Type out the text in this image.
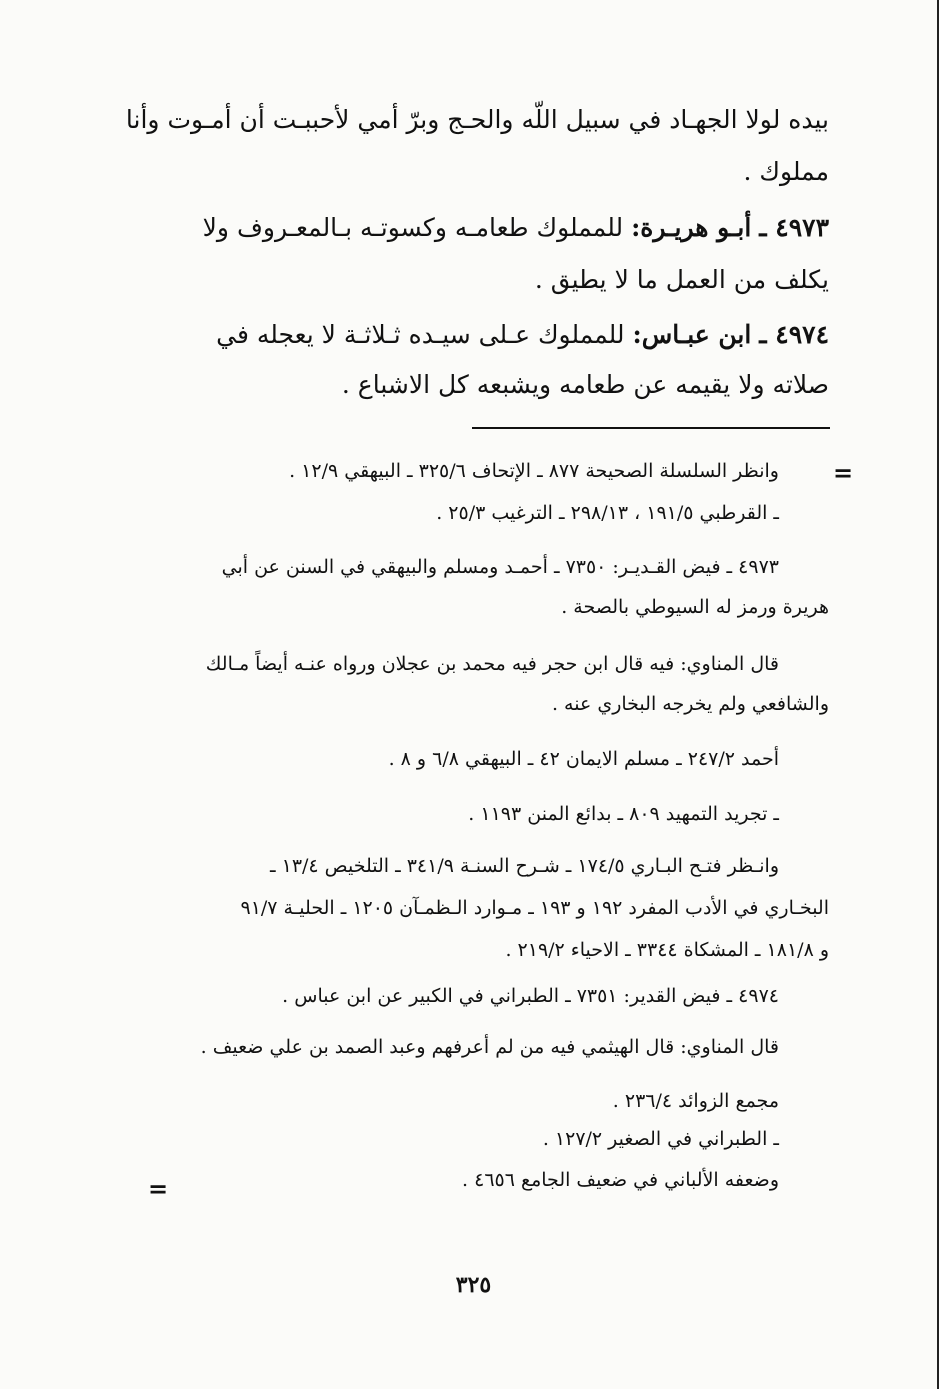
بيده لولا الجهـاد في سبيل اللّه والحـج وبرّ أمي لأحببـت أن أمـوت وأنا
مملوك .
٤٩٧٣ ـ أبـو هريـرة: للمملوك طعامـه وكسوتـه بـالمعـروف ولا
يكلف من العمل ما لا يطيق .
٤٩٧٤ ـ ابن عبـاس: للمملوك عـلى سيـده ثـلاثـة لا يعجله في
صلاته ولا يقيمه عن طعامه ويشبعه كل الاشباع .
=
وانظر السلسلة الصحيحة ٨٧٧ ـ الإتحاف ٣٢٥/٦ ـ البيهقي ١٢/٩ .
ـ القرطبي ١٩١/٥ ، ٢٩٨/١٣ ـ الترغيب ٢٥/٣ .
٤٩٧٣ ـ فيض القـديـر: ٧٣٥٠ ـ أحمـد ومسلم والبيهقي في السنن عن أبي
هريرة ورمز له السيوطي بالصحة .
قال المناوي: فيه قال ابن حجر فيه محمد بن عجلان ورواه عنـه أيضاً مـالك
والشافعي ولم يخرجه البخاري عنه .
أحمد ٢٤٧/٢ ـ مسلم الايمان ٤٢ ـ البيهقي ٦/٨ و ٨ .
ـ تجريد التمهيد ٨٠٩ ـ بدائع المنن ١١٩٣ .
وانـظر فتـح البـاري ١٧٤/٥ ـ شـرح السنـة ٣٤١/٩ ـ التلخيص ١٣/٤ ـ
البخـاري في الأدب المفرد ١٩٢ و ١٩٣ ـ مـوارد الـظمـآن ١٢٠٥ ـ الحليـة ٩١/٧
و ١٨١/٨ ـ المشكاة ٣٣٤٤ ـ الاحياء ٢١٩/٢ .
٤٩٧٤ ـ فيض القدير: ٧٣٥١ ـ الطبراني في الكبير عن ابن عباس .
قال المناوي: قال الهيثمي فيه من لم أعرفهم وعبد الصمد بن علي ضعيف .
مجمع الزوائد ٢٣٦/٤ .
ـ الطبراني في الصغير ١٢٧/٢ .
وضعفه الألباني في ضعيف الجامع ٤٦٥٦ .
=
٣٢٥
